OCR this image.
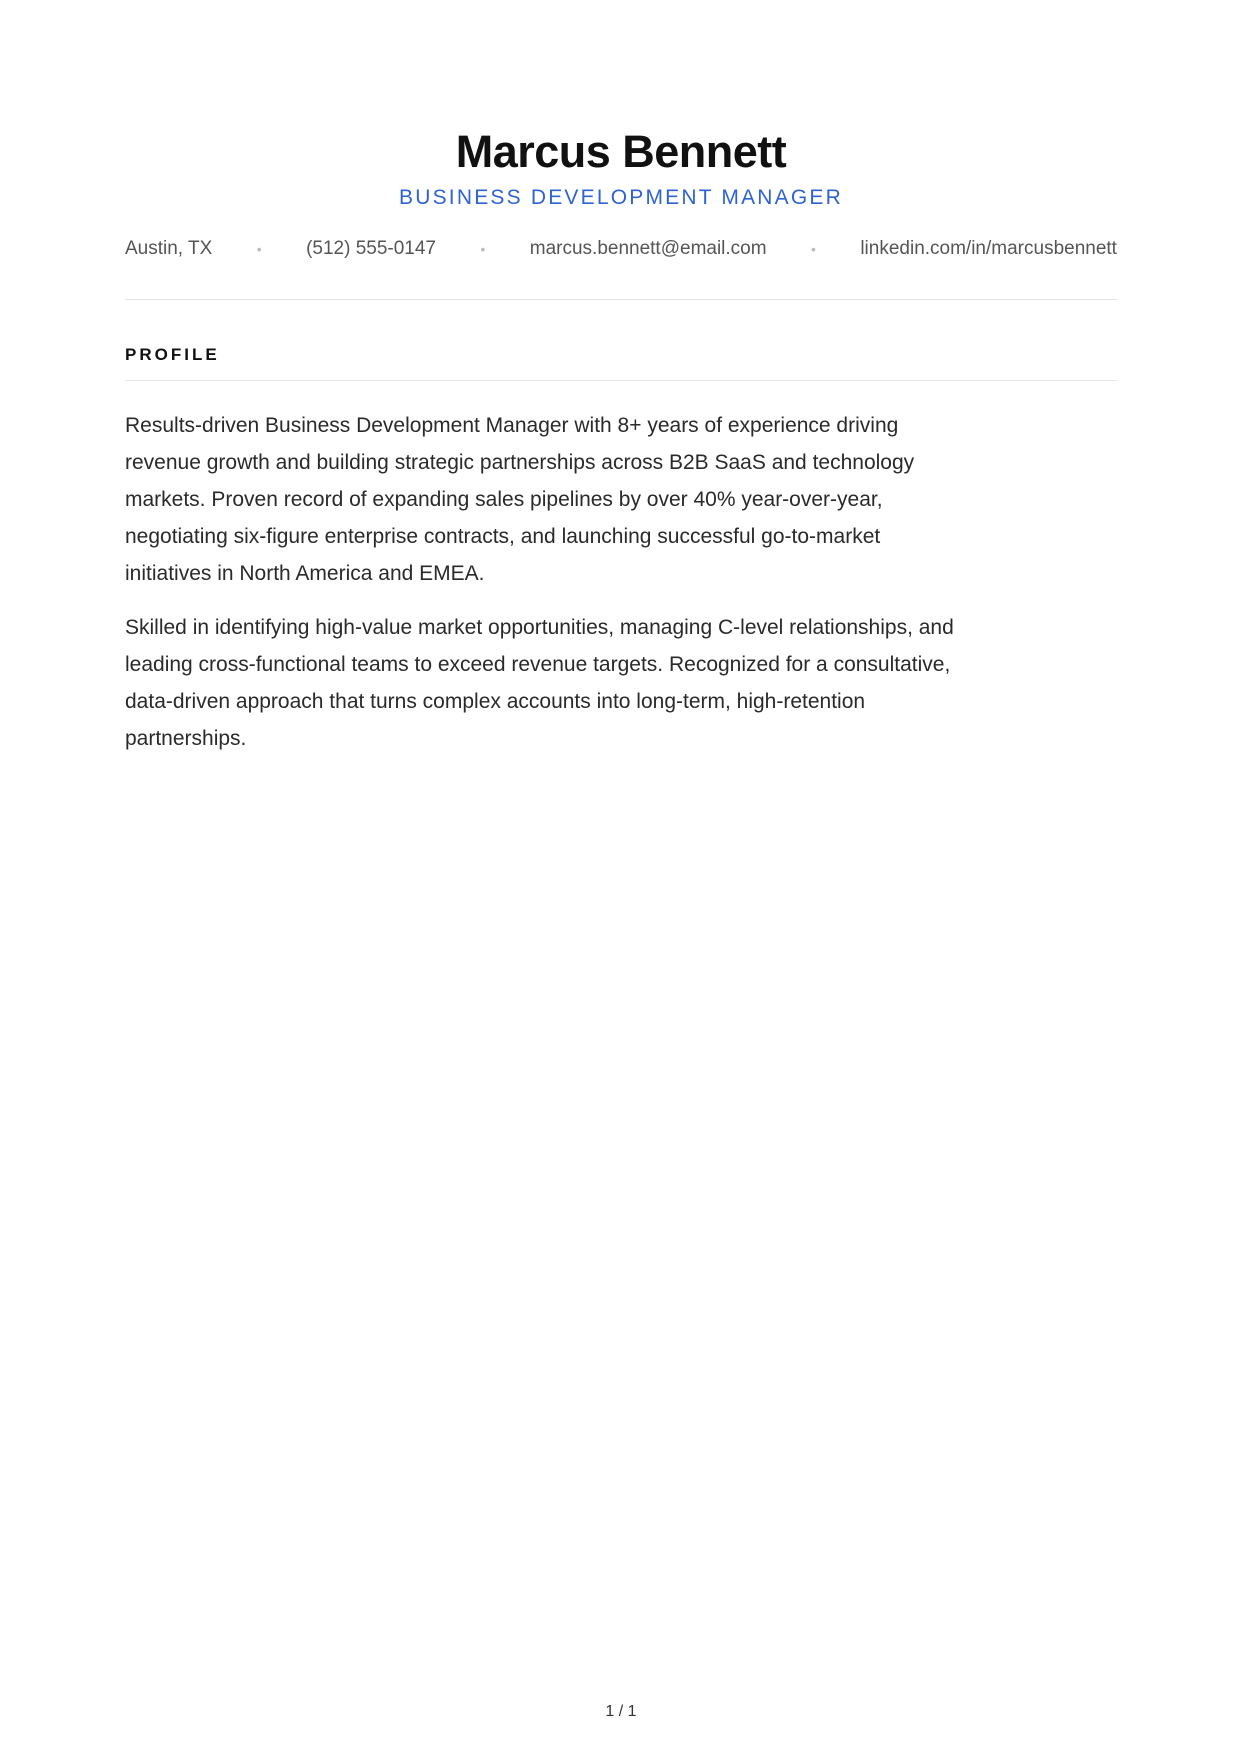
Marcus Bennett
BUSINESS DEVELOPMENT MANAGER
Austin, TX	• (512) 555-0147	• marcus.bennett@email.com	• linkedin.com/in/marcusbennett
PROFILE

Results-driven Business Development Manager with 8+ years of experience driving revenue growth and building strategic partnerships across B2B SaaS and technology markets. Proven record of expanding sales pipelines by over 40% year-over-year, negotiating six-figure enterprise contracts, and launching successful go-to-market initiatives in North America and EMEA.

Skilled in identifying high-value market opportunities, managing C-level relationships, and leading cross-functional teams to exceed revenue targets. Recognized for a consultative, data-driven approach that turns complex accounts into long-term, high-retention partnerships.

1 / 1
